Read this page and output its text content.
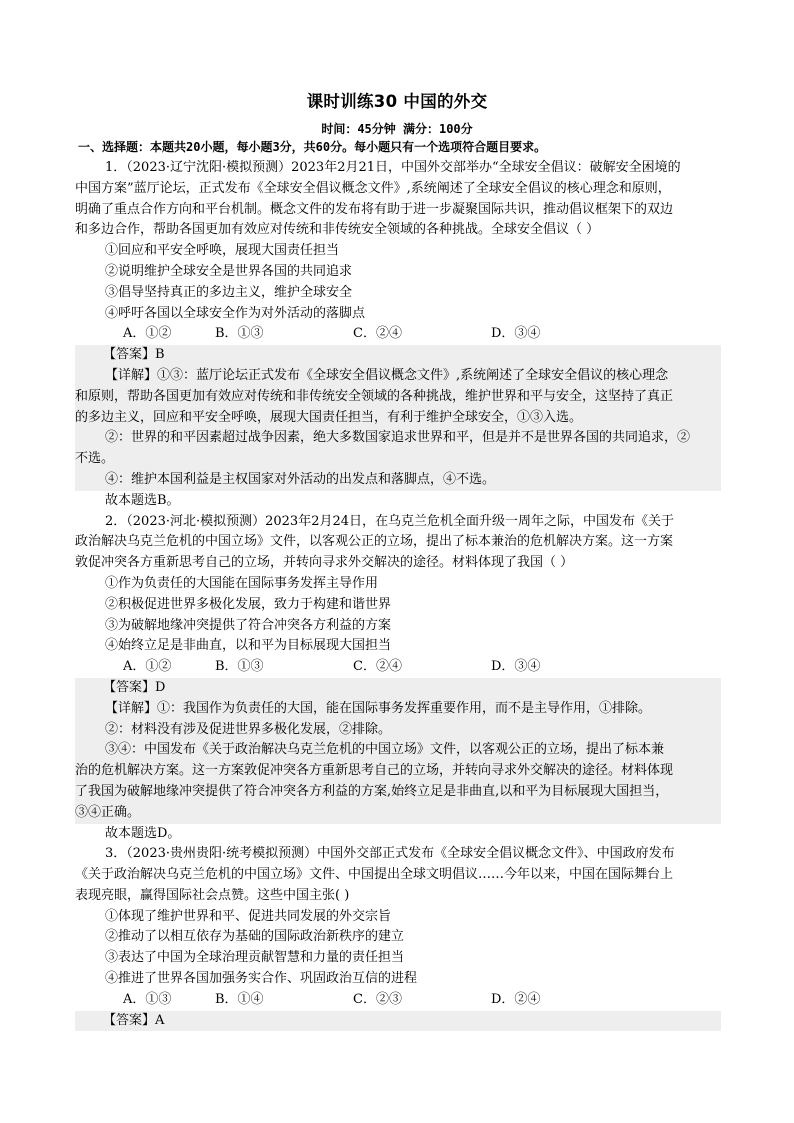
课时训练30 中国的外交
时间：45分钟 满分：100分
一、选择题：本题共20小题，每小题3分，共60分。每小题只有一个选项符合题目要求。
1．（2023·辽宁沈阳·模拟预测）2023年2月21日，中国外交部举办“全球安全倡议：破解安全困境的
中国方案”蓝厅论坛，正式发布《全球安全倡议概念文件》,系统阐述了全球安全倡议的核心理念和原则，
明确了重点合作方向和平台机制。概念文件的发布将有助于进一步凝聚国际共识，推动倡议框架下的双边
和多边合作，帮助各国更加有效应对传统和非传统安全领域的各种挑战。全球安全倡议（ ）
①回应和平安全呼唤，展现大国责任担当
②说明维护全球安全是世界各国的共同追求
③倡导坚持真正的多边主义，维护全球安全
④呼吁各国以全球安全作为对外活动的落脚点
A．①②	B．①③	C．②④	D．③④
【答案】B
【详解】①③：蓝厅论坛正式发布《全球安全倡议概念文件》,系统阐述了全球安全倡议的核心理念
和原则，帮助各国更加有效应对传统和非传统安全领域的各种挑战，维护世界和平与安全，这坚持了真正
的多边主义，回应和平安全呼唤，展现大国责任担当，有利于维护全球安全，①③入选。
②：世界的和平因素超过战争因素，绝大多数国家追求世界和平，但是并不是世界各国的共同追求，②
不选。
④：维护本国利益是主权国家对外活动的出发点和落脚点，④不选。
故本题选B。
2．（2023·河北·模拟预测）2023年2月24日，在乌克兰危机全面升级一周年之际，中国发布《关于
政治解决乌克兰危机的中国立场》文件，以客观公正的立场，提出了标本兼治的危机解决方案。这一方案
敦促冲突各方重新思考自己的立场，并转向寻求外交解决的途径。材料体现了我国（ ）
①作为负责任的大国能在国际事务发挥主导作用
②积极促进世界多极化发展，致力于构建和谐世界
③为破解地缘冲突提供了符合冲突各方利益的方案
④始终立足是非曲直，以和平为目标展现大国担当
A．①②	B．①③	C．②④	D．③④
【答案】D
【详解】①：我国作为负责任的大国，能在国际事务发挥重要作用，而不是主导作用，①排除。
②：材料没有涉及促进世界多极化发展，②排除。
③④：中国发布《关于政治解决乌克兰危机的中国立场》文件，以客观公正的立场，提出了标本兼
治的危机解决方案。这一方案敦促冲突各方重新思考自己的立场，并转向寻求外交解决的途径。材料体现
了我国为破解地缘冲突提供了符合冲突各方利益的方案,始终立足是非曲直,以和平为目标展现大国担当，
③④正确。
故本题选D。
3．（2023·贵州贵阳·统考模拟预测）中国外交部正式发布《全球安全倡议概念文件》、中国政府发布
《关于政治解决乌克兰危机的中国立场》文件、中国提出全球文明倡议……今年以来，中国在国际舞台上
表现亮眼，赢得国际社会点赞。这些中国主张( )
①体现了维护世界和平、促进共同发展的外交宗旨
②推动了以相互依存为基础的国际政治新秩序的建立
③表达了中国为全球治理贡献智慧和力量的责任担当
④推进了世界各国加强务实合作、巩固政治互信的进程
A．①③	B．①④	C．②③	D．②④
【答案】A
